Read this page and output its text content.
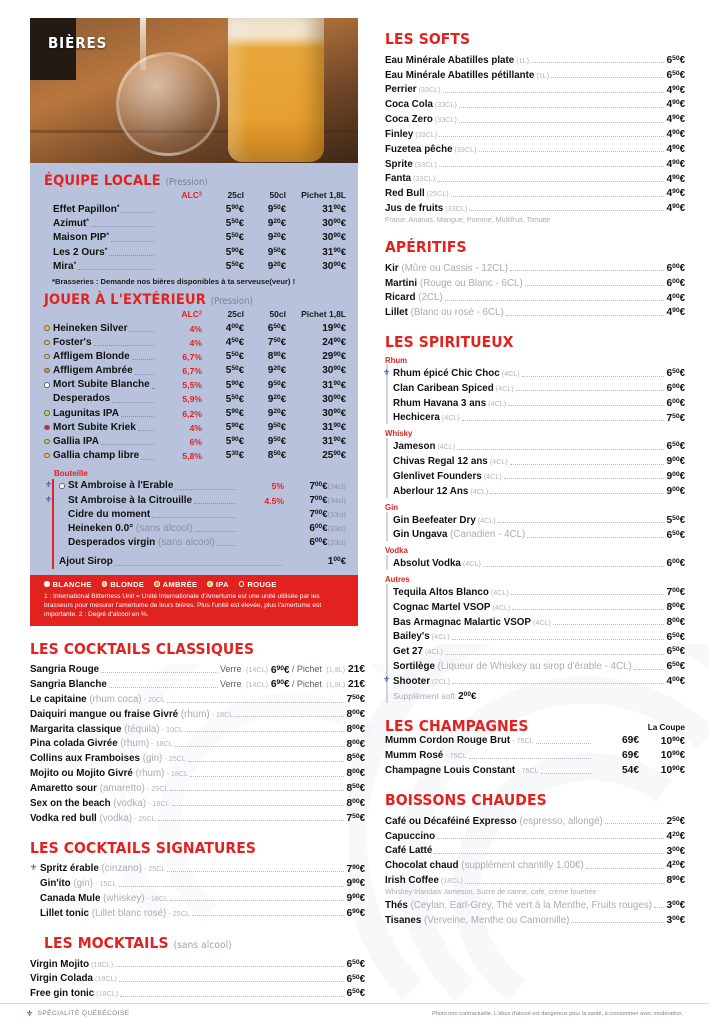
BIÈRES
ÉQUIPE LOCALE (Pression)
ALC$^2$	25cl	50cl	Pichet 1,8L
Effet Papillon*	$5^{90}€$	$9^{50}€$	$31^{90}€$
Azimut*	$5^{50}€$	$9^{20}€$	$30^{90}€$
Maison PIP*	$5^{50}€$	$9^{20}€$	$30^{90}€$
Les 2 Ours*	$5^{90}€$	$9^{50}€$	$31^{90}€$
Mira*	$5^{50}€$	$9^{20}€$	$30^{90}€$
*Brasseries : Demande nos bières disponibles à ta serveuse(veur) !
JOUER À L'EXTÉRIEUR (Pression)
ALC$^2$	25cl	50cl	Pichet 1,8L
Heineken Silver	4%	$4^{00}€$	$6^{50}€$	$19^{90}€$
Foster's	4%	$4^{50}€$	$7^{50}€$	$24^{90}€$
Affligem Blonde	6,7%	$5^{50}€$	$8^{90}€$	$29^{90}€$
Affligem Ambrée	6,7%	$5^{50}€$	$9^{20}€$	$30^{90}€$
Mort Subite Blanche	5,5%	$5^{90}€$	$9^{50}€$	$31^{90}€$
Desperados	5,9%	$5^{50}€$	$9^{20}€$	$30^{90}€$
Lagunitas IPA	6,2%	$5^{90}€$	$9^{20}€$	$30^{90}€$
Mort Subite Kriek	4%	$5^{90}€$	$9^{50}€$	$31^{90}€$
Gallia IPA	6%	$5^{90}€$	$9^{50}€$	$31^{90}€$
Gallia champ libre	5,8%	$5^{30}€$	$8^{50}€$	$25^{90}€$
Bouteille
⚜ St Ambroise à l'Erable	5%	$7^{00}€(34cl)$
⚜ St Ambroise à la Citrouille	4.5%	$7^{00}€(34cl)$
Cidre du moment	$7^{00}€(33cl)$
Heineken 0.0° (sans alcool)	$6^{00}€(33cl)$
Desperados virgin (sans alcool)	$6^{00}€(33cl)$
Ajout Sirop	$1^{00}€$
BLANCHE BLONDE AMBRÉE IPA ROUGE
1 : International Bitterness Unit = Unité Internationale d'Amertume est une unité utilisée par les brasseurs pour mesurer l'amertume de leurs bières. Plus l'unité est élevée, plus l'amertume est importante. 2 : Degré d'alcool en %.
LES COCKTAILS CLASSIQUES
Sangria Rouge	Verre (14CL) $6^{90}€$ / Pichet (1,8L) 21€
Sangria Blanche	Verre (14CL) $6^{90}€$ / Pichet (1,8L) 21€
Le capitaine (rhum coca) - 20CL	$7^{50}€$
Daiquiri mangue ou fraise Givré (rhum) - 18CL	$8^{00}€$
Margarita classique (téquila) - 10CL	$8^{00}€$
Pina colada Givrée (rhum) - 18CL	$8^{00}€$
Collins aux Framboises (gin) - 25CL	$8^{50}€$
Mojito ou Mojito Givré (rhum) - 18CL	$8^{00}€$
Amaretto sour (amaretto) - 25CL	$8^{50}€$
Sex on the beach (vodka) - 18CL	$8^{00}€$
Vodka red bull (vodka) - 25CL	$7^{50}€$
LES COCKTAILS SIGNATURES
⚜ Spritz érable (cinzano) - 25CL	$7^{90}€$
Gin'ito (gin) - 15CL	$9^{90}€$
Canada Mule (whiskey) - 18CL	$9^{90}€$
Lillet tonic (Lillet blanc rosé) - 25CL	$6^{90}€$
LES MOCKTAILS (sans alcool)
Virgin Mojito (18CL)	$6^{50}€$
Virgin Colada (18CL)	$6^{50}€$
Free gin tonic (18CL)	$6^{50}€$
LES SOFTS
Eau Minérale Abatilles plate (1L)	$6^{50}€$
Eau Minérale Abatilles pétillante (1L)	$6^{50}€$
Perrier (33CL)	$4^{90}€$
Coca Cola (33CL)	$4^{90}€$
Coca Zero (33CL)	$4^{90}€$
Finley (33CL)	$4^{90}€$
Fuzetea pêche (33CL)	$4^{90}€$
Sprite (33CL)	$4^{90}€$
Fanta (33CL)	$4^{90}€$
Red Bull (25CL)	$4^{90}€$
Jus de fruits (33CL)	$4^{90}€$
Fraise, Ananas, Mangue, Pomme, Multifruit, Tomate
APÉRITIFS
Kir (Mûre ou Cassis - 12CL)	$6^{00}€$
Martini (Rouge ou Blanc - 6CL)	$6^{00}€$
Ricard (2CL)	$4^{00}€$
Lillet (Blanc ou rosé - 6CL)	$4^{90}€$
LES SPIRITUEUX
Rhum
⚜ Rhum épicé Chic Choc (4CL)	$6^{50}€$
Clan Caribean Spiced (4CL)	$6^{00}€$
Rhum Havana 3 ans (4CL)	$6^{00}€$
Hechicera (4CL)	$7^{50}€$
Whisky
Jameson (4CL)	$6^{50}€$
Chivas Regal 12 ans (4CL)	$9^{00}€$
Glenlivet Founders (4CL)	$9^{00}€$
Aberlour 12 Ans (4CL)	$9^{00}€$
Gin
Gin Beefeater Dry (4CL)	$5^{50}€$
Gin Ungava (Canadien - 4CL)	$6^{50}€$
Vodka
Absolut Vodka (4CL)	$6^{00}€$
Autres
Tequila Altos Blanco (4CL)	$7^{00}€$
Cognac Martel VSOP (4CL)	$8^{00}€$
Bas Armagnac Malartic VSOP (4CL)	$8^{00}€$
Bailey's (4CL)	$6^{50}€$
Get 27 (4CL)	$6^{50}€$
Sortilège (Liqueur de Whiskey au sirop d'érable - 4CL)	$6^{50}€$
⚜ Shooter (2CL)	$4^{00}€$
Supplément soft $2^{00}€$
LES CHAMPAGNES	La Coupe
Mumm Cordon Rouge Brut - 75CL	69€	$10^{90}€$
Mumm Rosé - 75CL	69€	$10^{90}€$
Champagne Louis Constant - 75CL	54€	$10^{90}€$
BOISSONS CHAUDES
Café ou Décaféiné Expresso (espresso, allongé)	$2^{50}€$
Capuccino	$4^{20}€$
Café Latté	$3^{00}€$
Chocolat chaud (supplément chantilly 1.00€)	$4^{20}€$
Irish Coffee (18CL)	$8^{90}€$
Whiskey Irlandais Jameson, Sucre de canne, café, crème fouettée
Thés (Ceylan, Earl-Grey, Thé vert à la Menthe, Fruits rouges) $3^{00}€$
Tisanes (Verveine, Menthe ou Camomille)	$3^{00}€$
⚜ SPÉCIALITÉ QUÉBÉCOISE	Photo non contractuelle. L'abus d'alcool est dangereux pour la santé, à consommer avec modération.
